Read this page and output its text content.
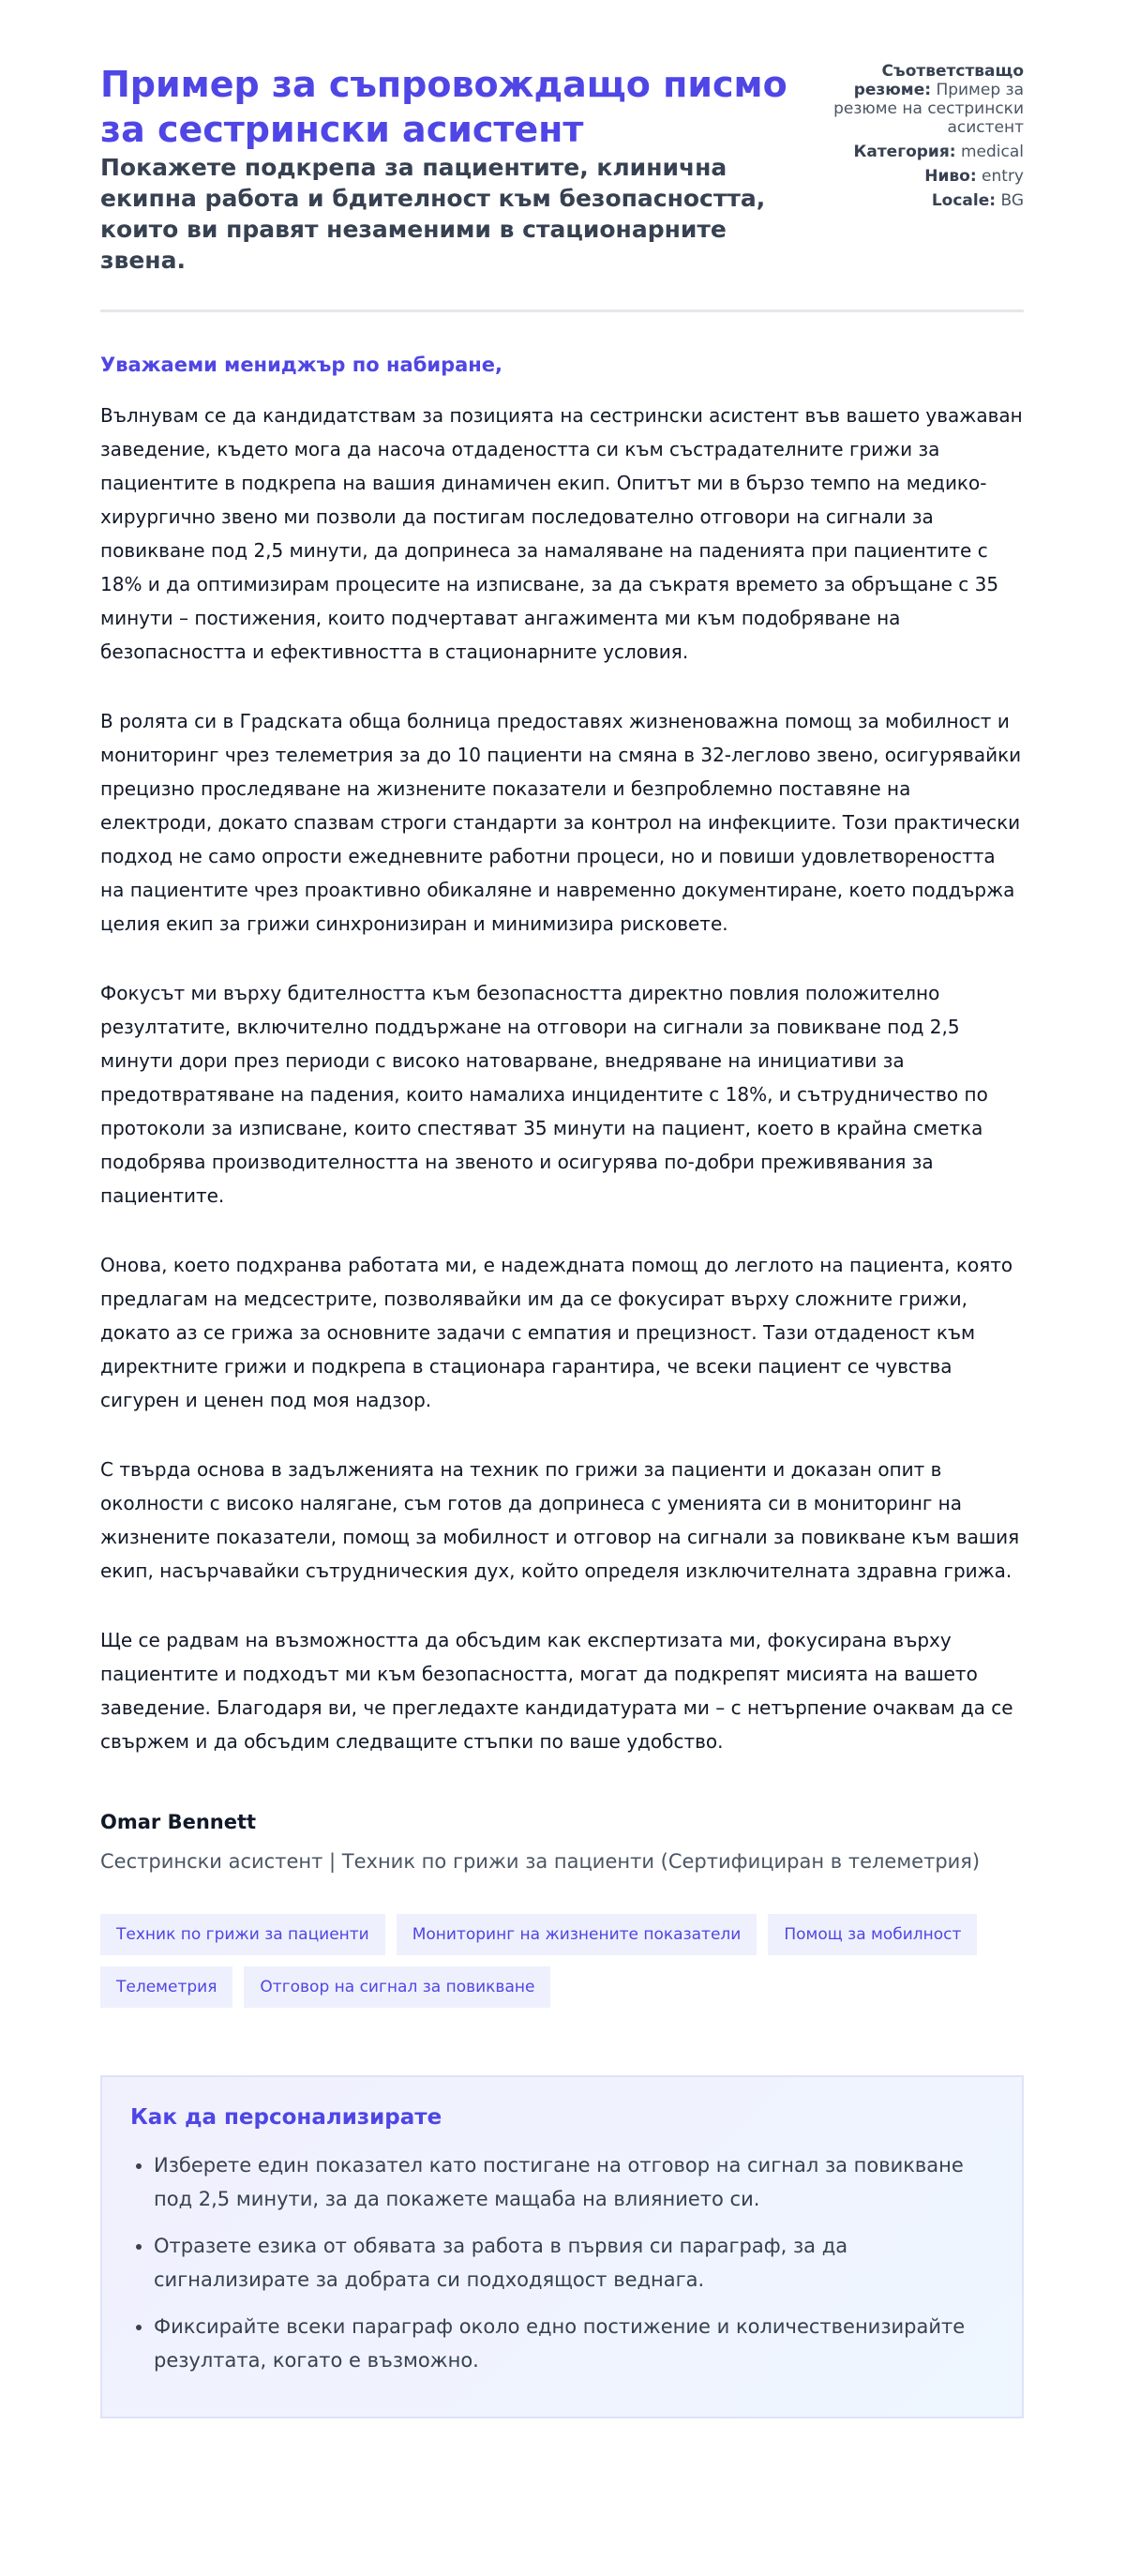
Пример за съпровождащо писмо за сестрински асистент

Покажете подкрепа за пациентите, клинична екипна работа и бдителност към безопасността, които ви правят незаменими в стационарните звена.

Съответстващо резюме: Пример за резюме на сестрински асистент
Категория: medical
Ниво: entry
Locale: BG

Уважаеми мениджър по набиране,

Вълнувам се да кандидатствам за позицията на сестрински асистент във вашето уважаван заведение, където мога да насоча отдадеността си към състрадателните грижи за пациентите в подкрепа на вашия динамичен екип. Опитът ми в бързо темпо на медико-хирургично звено ми позволи да постигам последователно отговори на сигнали за повикване под 2,5 минути, да допринеса за намаляване на паденията при пациентите с 18% и да оптимизирам процесите на изписване, за да съкратя времето за обръщане с 35 минути – постижения, които подчертават ангажимента ми към подобряване на безопасността и ефективността в стационарните условия.

В ролята си в Градската обща болница предоставях жизненоважна помощ за мобилност и мониторинг чрез телеметрия за до 10 пациенти на смяна в 32-леглово звено, осигурявайки прецизно проследяване на жизнените показатели и безпроблемно поставяне на електроди, докато спазвам строги стандарти за контрол на инфекциите. Този практически подход не само опрости ежедневните работни процеси, но и повиши удовлетвореността на пациентите чрез проактивно обикаляне и навременно документиране, което поддържа целия екип за грижи синхронизиран и минимизира рисковете.

Фокусът ми върху бдителността към безопасността директно повлия положително резултатите, включително поддържане на отговори на сигнали за повикване под 2,5 минути дори през периоди с високо натоварване, внедряване на инициативи за предотвратяване на падения, които намалиха инцидентите с 18%, и сътрудничество по протоколи за изписване, които спестяват 35 минути на пациент, което в крайна сметка подобрява производителността на звеното и осигурява по-добри преживявания за пациентите.

Онова, което подхранва работата ми, е надеждната помощ до леглото на пациента, която предлагам на медсестрите, позволявайки им да се фокусират върху сложните грижи, докато аз се грижа за основните задачи с емпатия и прецизност. Тази отдаденост към директните грижи и подкрепа в стационара гарантира, че всеки пациент се чувства сигурен и ценен под моя надзор.

С твърда основа в задълженията на техник по грижи за пациенти и доказан опит в околности с високо налягане, съм готов да допринеса с уменията си в мониторинг на жизнените показатели, помощ за мобилност и отговор на сигнали за повикване към вашия екип, насърчавайки сътрудническия дух, който определя изключителната здравна грижа.

Ще се радвам на възможността да обсъдим как експертизата ми, фокусирана върху пациентите и подходът ми към безопасността, могат да подкрепят мисията на вашето заведение. Благодаря ви, че прегледахте кандидатурата ми – с нетърпение очаквам да се свържем и да обсъдим следващите стъпки по ваше удобство.

Omar Bennett
Сестрински асистент | Техник по грижи за пациенти (Сертифициран в телеметрия)
Техник по грижи за пациенти	Мониторинг на жизнените показатели	Помощ за мобилност
Телеметрия	Отговор на сигнал за повикване
Как да персонализирате
• Изберете един показател като постигане на отговор на сигнал за повикване под 2,5 минути, за да покажете мащаба на влиянието си.
• Отразете езика от обявата за работа в първия си параграф, за да сигнализирате за добрата си подходящост веднага.
• Фиксирайте всеки параграф около едно постижение и количественизирайте резултата, когато е възможно.
